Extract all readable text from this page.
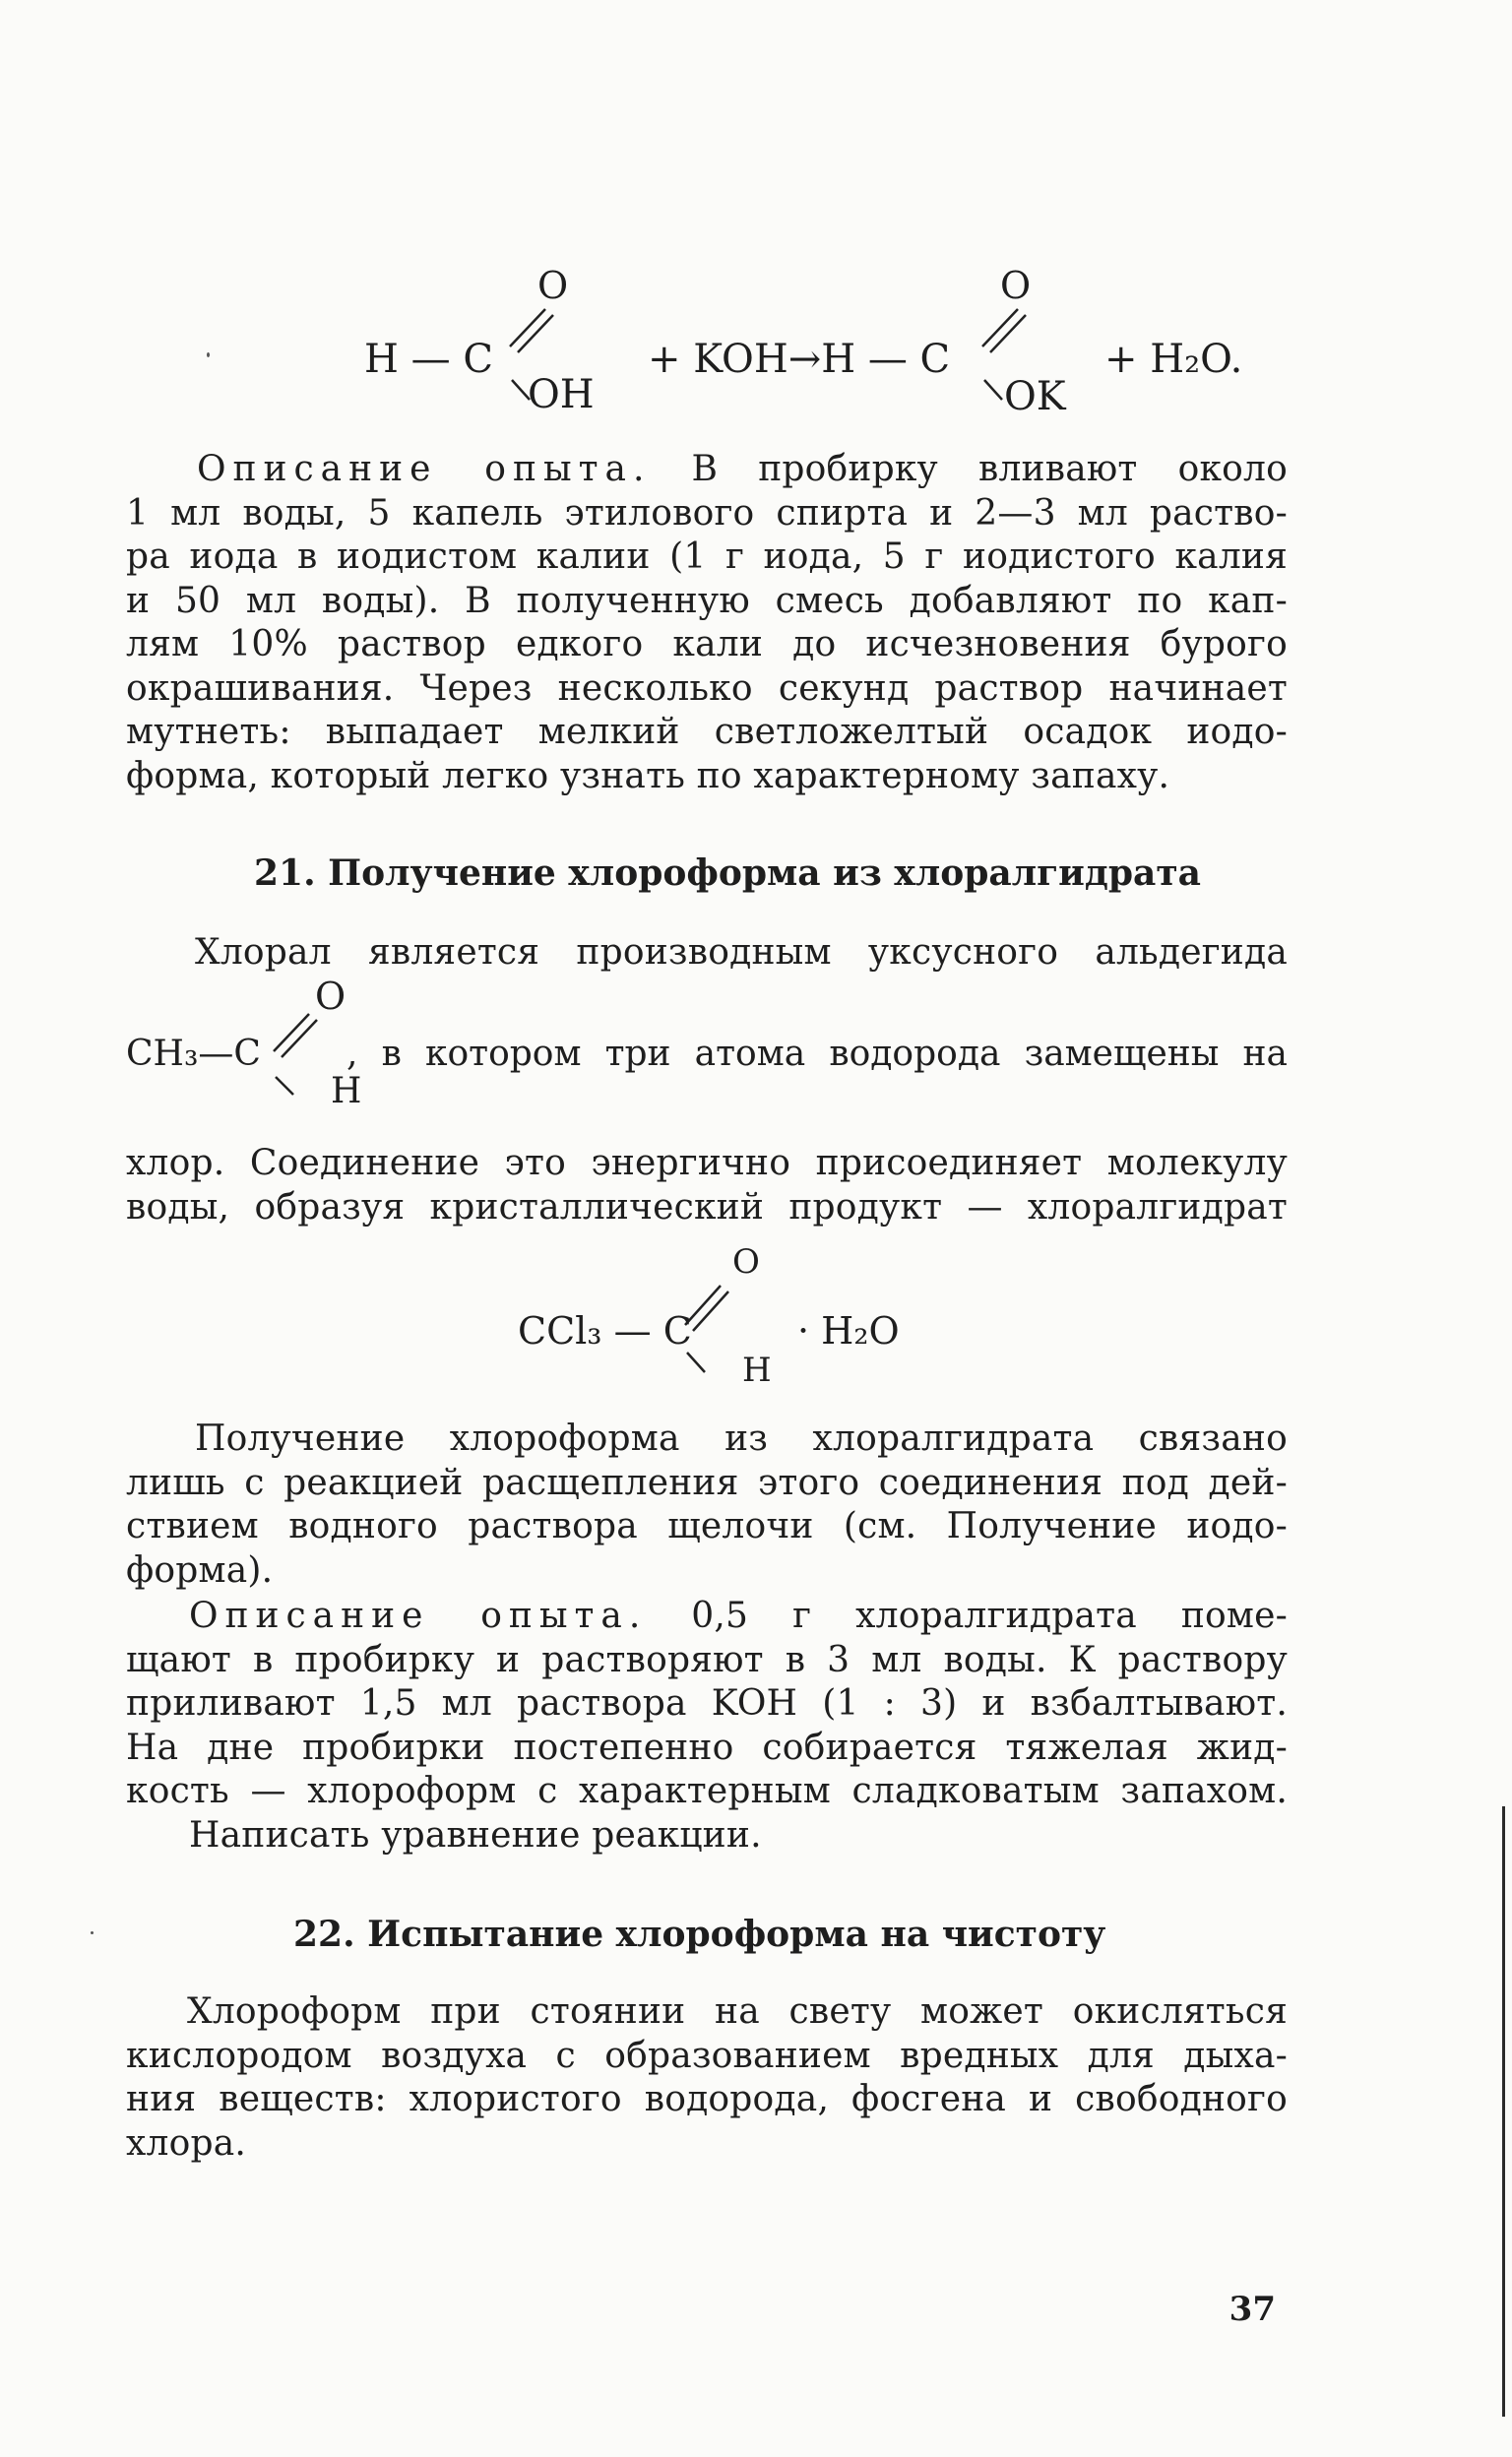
O
H — C
OH
+ KOH→H — C
O
OK
+ H₂O.
Описание опыта. В пробирку вливают около
1 мл воды, 5 капель этилового спирта и 2—3 мл раство-
ра иода в иодистом калии (1 г иода, 5 г иодистого калия
и 50 мл воды). В полученную смесь добавляют по кап-
лям 10% раствор едкого кали до исчезновения бурого
окрашивания. Через несколько секунд раствор начинает
мутнеть: выпадает мелкий светложелтый осадок иодо-
форма, который легко узнать по характерному запаху.
21. Получение хлороформа из хлоралгидрата
Хлорал является производным уксусного альдегида
O
CH₃—C
H
, в котором три атома водорода замещены на
хлор. Соединение это энергично присоединяет молекулу
воды, образуя кристаллический продукт — хлоралгидрат
O
CCl₃ — C
H
· H₂O
Получение хлороформа из хлоралгидрата связано
лишь с реакцией расщепления этого соединения под дей-
ствием водного раствора щелочи (см. Получение иодо-
форма).
Описание опыта. 0,5 г хлоралгидрата поме-
щают в пробирку и растворяют в 3 мл воды. К раствору
приливают 1,5 мл раствора KOH (1 : 3) и взбалтывают.
На дне пробирки постепенно собирается тяжелая жид-
кость — хлороформ с характерным сладковатым запахом.
Написать уравнение реакции.
22. Испытание хлороформа на чистоту
Хлороформ при стоянии на свету может окисляться
кислородом воздуха с образованием вредных для дыха-
ния веществ: хлористого водорода, фосгена и свободного
хлора.
37
